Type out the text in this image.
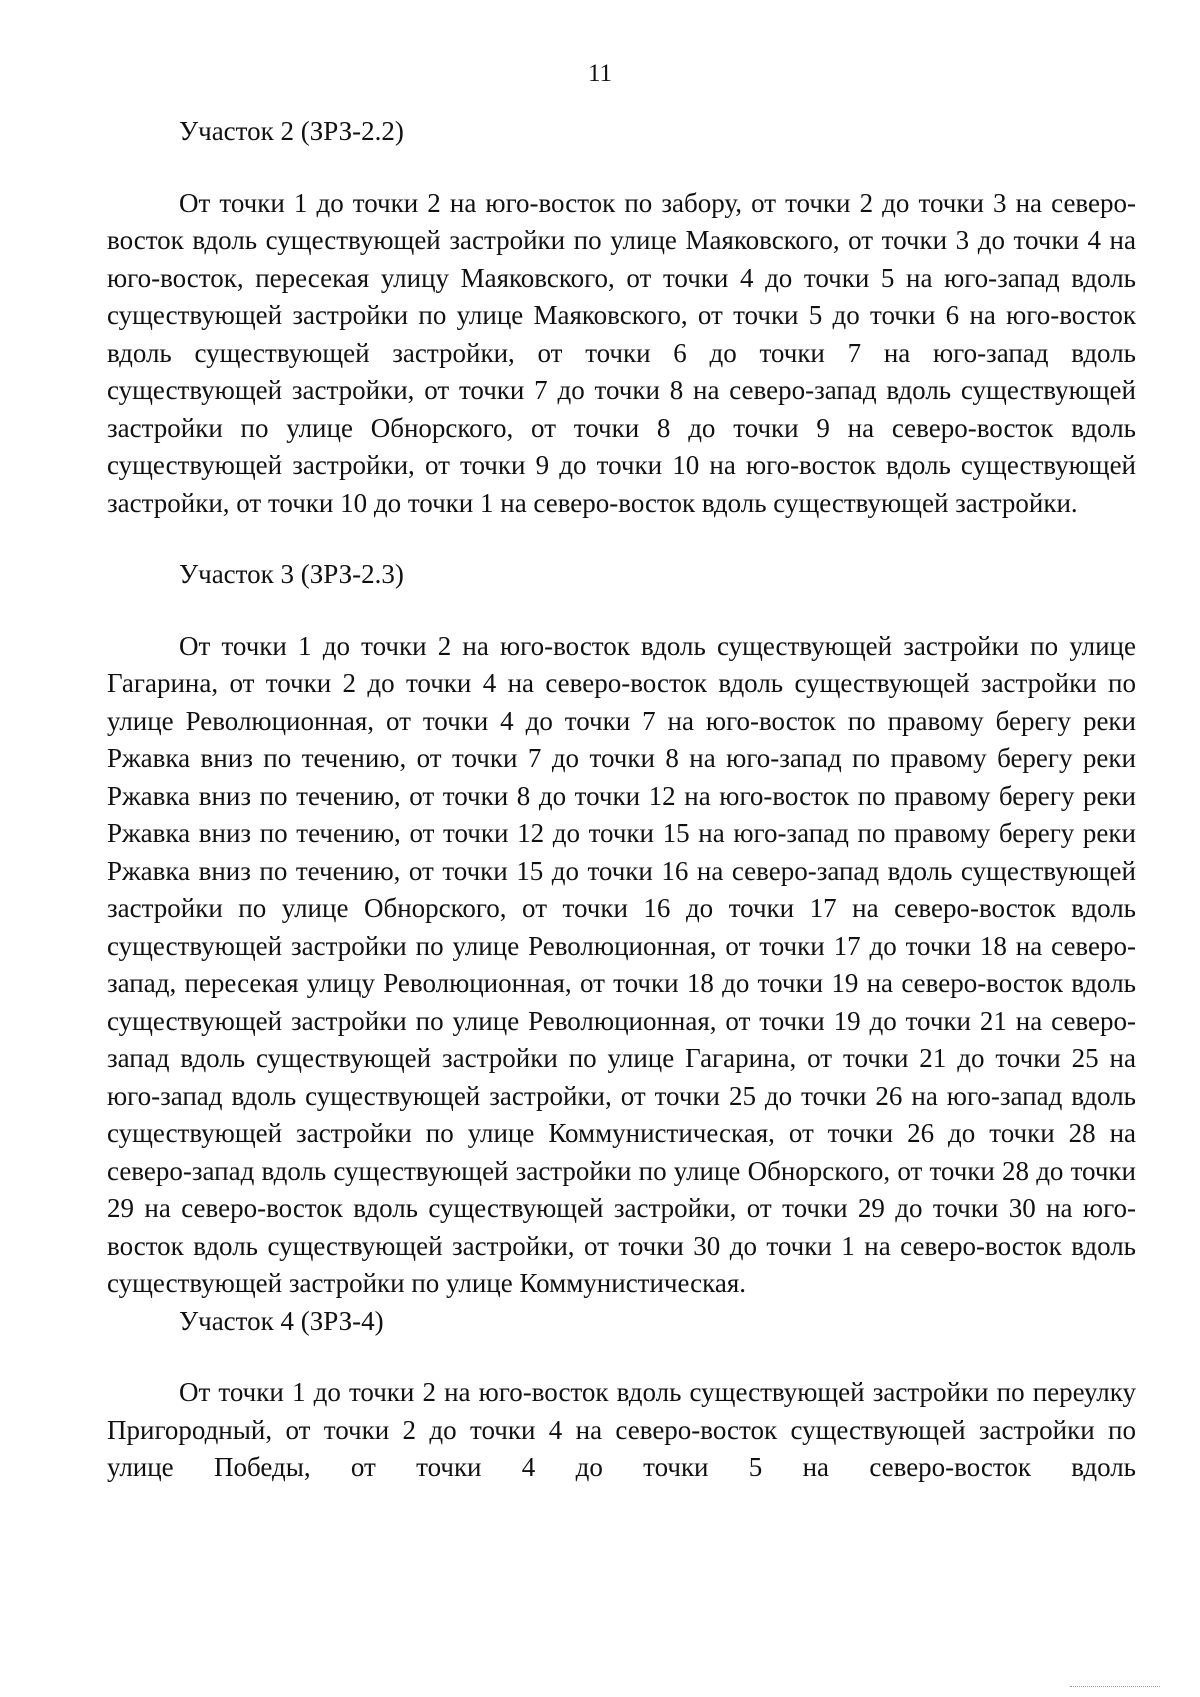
11

Участок 2 (ЗРЗ-2.2)

От точки 1 до точки 2 на юго-восток по забору, от точки 2 до точки 3 на северо-восток вдоль существующей застройки по улице Маяковского, от точки 3 до точки 4 на юго-восток, пересекая улицу Маяковского, от точки 4 до точки 5 на юго-запад вдоль существующей застройки по улице Маяковского, от точки 5 до точки 6 на юго-восток вдоль существующей застройки, от точки 6 до точки 7 на юго-запад вдоль существующей застройки, от точки 7 до точки 8 на северо-запад вдоль существующей застройки по улице Обнорского, от точки 8 до точки 9 на северо-восток вдоль существующей застройки, от точки 9 до точки 10 на юго-восток вдоль существующей застройки, от точки 10 до точки 1 на северо-восток вдоль существующей застройки.

Участок 3 (ЗРЗ-2.3)

От точки 1 до точки 2 на юго-восток вдоль существующей застройки по улице Гагарина, от точки 2 до точки 4 на северо-восток вдоль существующей застройки по улице Революционная, от точки 4 до точки 7 на юго-восток по правому берегу реки Ржавка вниз по течению, от точки 7 до точки 8 на юго-запад по правому берегу реки Ржавка вниз по течению, от точки 8 до точки 12 на юго-восток по правому берегу реки Ржавка вниз по течению, от точки 12 до точки 15 на юго-запад по правому берегу реки Ржавка вниз по течению, от точки 15 до точки 16 на северо-запад вдоль существующей застройки по улице Обнорского, от точки 16 до точки 17 на северо-восток вдоль существующей застройки по улице Революционная, от точки 17 до точки 18 на северо-запад, пересекая улицу Революционная, от точки 18 до точки 19 на северо-восток вдоль существующей застройки по улице Революционная, от точки 19 до точки 21 на северо-запад вдоль существующей застройки по улице Гагарина, от точки 21 до точки 25 на юго-запад вдоль существующей застройки, от точки 25 до точки 26 на юго-запад вдоль существующей застройки по улице Коммунистическая, от точки 26 до точки 28 на северо-запад вдоль существующей застройки по улице Обнорского, от точки 28 до точки 29 на северо-восток вдоль существующей застройки, от точки 29 до точки 30 на юго-восток вдоль существующей застройки, от точки 30 до точки 1 на северо-восток вдоль существующей застройки по улице Коммунистическая.

Участок 4 (ЗРЗ-4)

От точки 1 до точки 2 на юго-восток вдоль существующей застройки по переулку Пригородный, от точки 2 до точки 4 на северо-восток существующей застройки по улице Победы, от точки 4 до точки 5 на северо-восток вдоль
